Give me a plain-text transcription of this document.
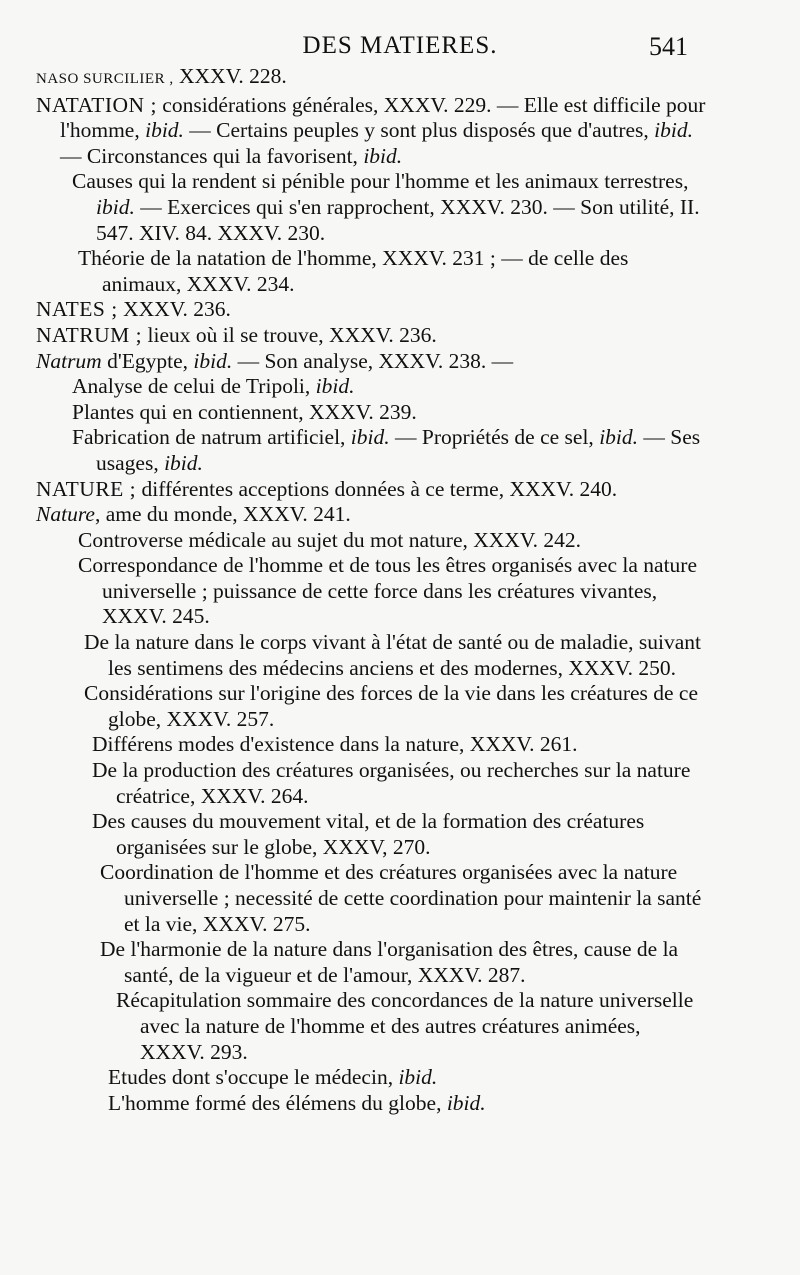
DES MATIERES.	541

NASO SURCILIER , XXXV. 228.

NATATION ; considérations générales, XXXV. 229. — Elle est difficile pour l'homme, ibid. — Certains peuples y sont plus disposés que d'autres, ibid. — Circonstances qui la favorisent, ibid.

Causes qui la rendent si pénible pour l'homme et les animaux terrestres, ibid. — Exercices qui s'en rapprochent, XXXV. 230. — Son utilité, II. 547. XIV. 84. XXXV. 230.

Théorie de la natation de l'homme, XXXV. 231 ; — de celle des animaux, XXXV. 234.

NATES ; XXXV. 236.

NATRUM ; lieux où il se trouve, XXXV. 236.

Natrum d'Egypte, ibid. — Son analyse, XXXV. 238. —

Analyse de celui de Tripoli, ibid.

Plantes qui en contiennent, XXXV. 239.

Fabrication de natrum artificiel, ibid. — Propriétés de ce sel, ibid. — Ses usages, ibid.

NATURE ; différentes acceptions données à ce terme, XXXV. 240.

Nature, ame du monde, XXXV. 241.

Controverse médicale au sujet du mot nature, XXXV. 242.

Correspondance de l'homme et de tous les êtres organisés avec la nature universelle ; puissance de cette force dans les créatures vivantes, XXXV. 245.

De la nature dans le corps vivant à l'état de santé ou de maladie, suivant les sentimens des médecins anciens et des modernes, XXXV. 250.

Considérations sur l'origine des forces de la vie dans les créatures de ce globe, XXXV. 257.

Différens modes d'existence dans la nature, XXXV. 261.

De la production des créatures organisées, ou recherches sur la nature créatrice, XXXV. 264.

Des causes du mouvement vital, et de la formation des créatures organisées sur le globe, XXXV, 270.

Coordination de l'homme et des créatures organisées avec la nature universelle ; necessité de cette coordination pour maintenir la santé et la vie, XXXV. 275.

De l'harmonie de la nature dans l'organisation des êtres, cause de la santé, de la vigueur et de l'amour, XXXV. 287.

Récapitulation sommaire des concordances de la nature universelle avec la nature de l'homme et des autres créatures animées, XXXV. 293.

Etudes dont s'occupe le médecin, ibid.

L'homme formé des élémens du globe, ibid.
